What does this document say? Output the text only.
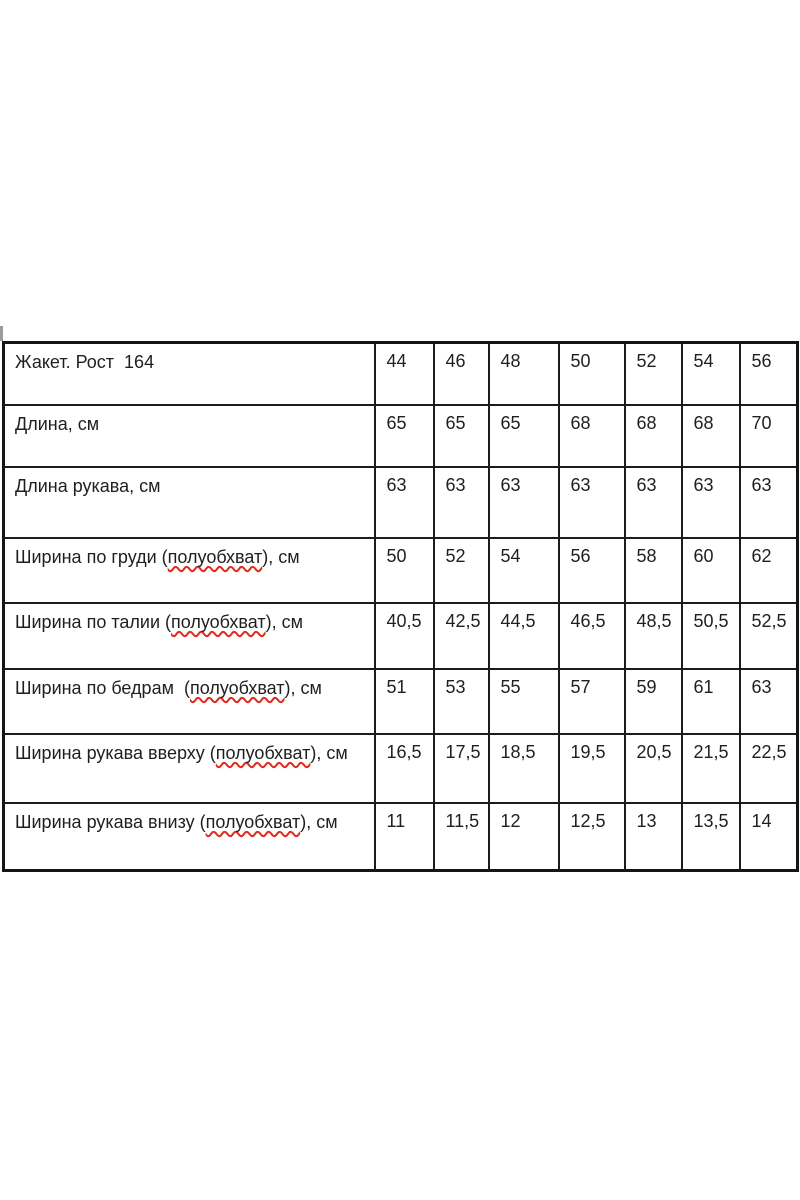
Жакет. Рост  164	44	46	48	50	52	54	56
Длина, см	65	65	65	68	68	68	70
Длина рукава, см	63	63	63	63	63	63	63
Ширина по груди (полуобхват), см	50	52	54	56	58	60	62
Ширина по талии (полуобхват), см	40,5	42,5	44,5	46,5	48,5	50,5	52,5
Ширина по бедрам  (полуобхват), см	51	53	55	57	59	61	63
Ширина рукава вверху (полуобхват), см	16,5	17,5	18,5	19,5	20,5	21,5	22,5
Ширина рукава внизу (полуобхват), см	11	11,5	12	12,5	13	13,5	14
